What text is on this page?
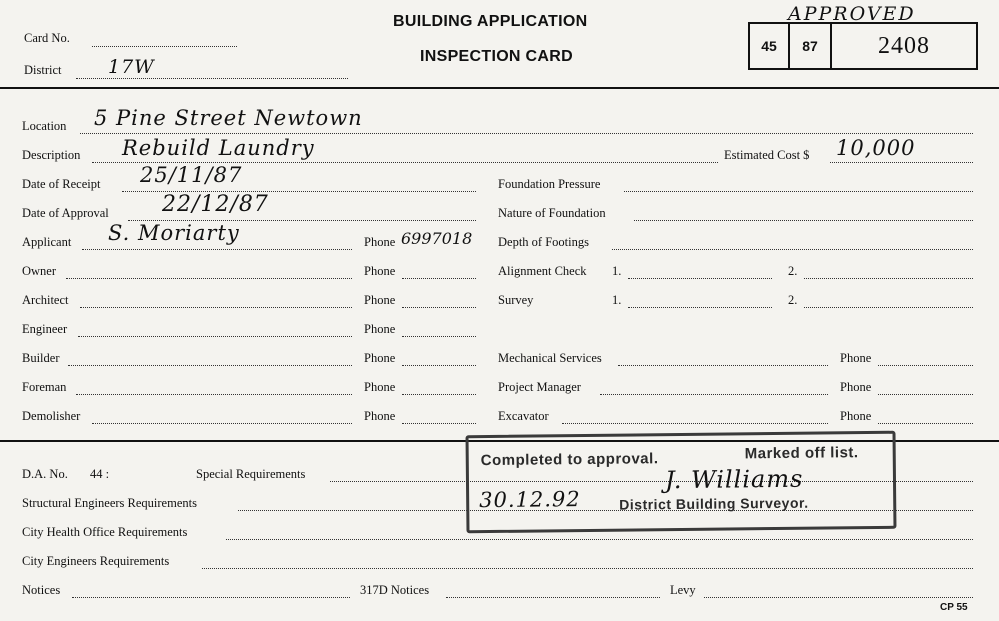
Card No.
District 17W
BUILDING APPLICATION
INSPECTION CARD
APPROVED
45	87	2408
Location 5 Pine Street Newtown
Description Rebuild Laundry	Estimated Cost $ 10,000
Date of Receipt 25/11/87
Date of Approval 22/12/87
Applicant S. Moriarty	Phone 6997018
Owner	Phone
Architect	Phone
Engineer	Phone
Builder	Phone
Foreman	Phone
Demolisher	Phone
Foundation Pressure
Nature of Foundation
Depth of Footings
Alignment Check 1.	2.
Survey	1.	2.
Mechanical Services	Phone
Project Manager	Phone
Excavator	Phone
D.A. No. 44 :	Special Requirements
Structural Engineers Requirements
City Health Office Requirements
City Engineers Requirements
Notices	317D Notices	Levy
Completed to approval.	Marked off list.
30.12.92
J. Williams
District Building Surveyor.
CP 55
